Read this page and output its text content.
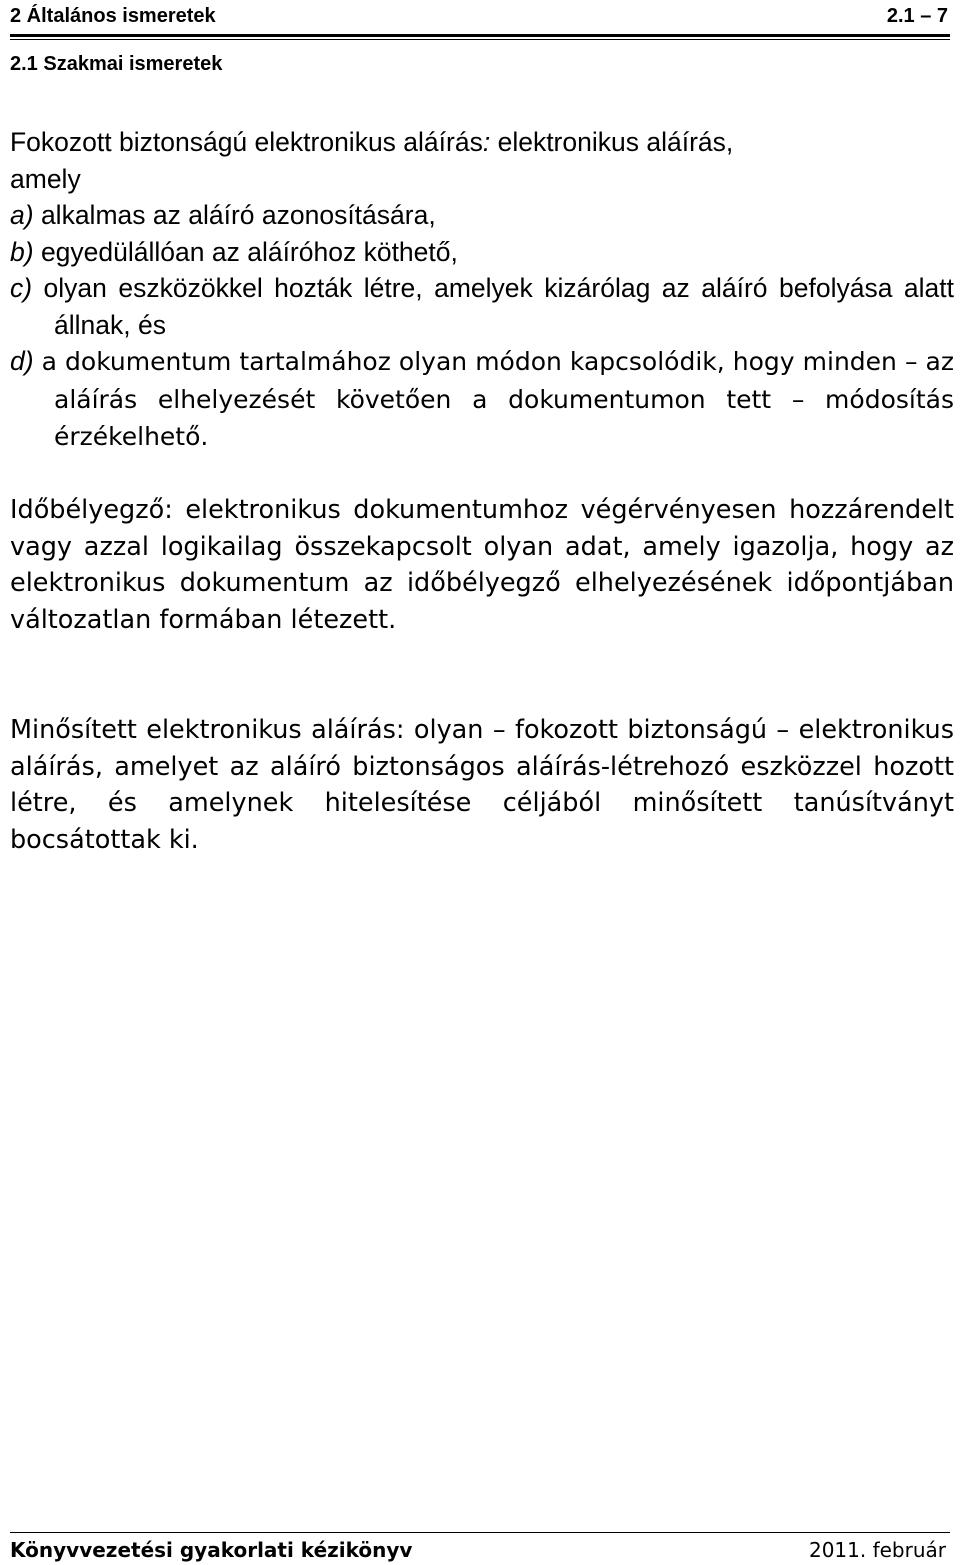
2 Általános ismeretek	2.1 – 7
2.1 Szakmai ismeretek
Fokozott biztonságú elektronikus aláírás: elektronikus aláírás,
amely
a) alkalmas az aláíró azonosítására,
b) egyedülállóan az aláíróhoz köthető,
c) olyan eszközökkel hozták létre, amelyek kizárólag az aláíró befolyása alatt állnak, és
d) a dokumentum tartalmához olyan módon kapcsolódik, hogy minden – az aláírás elhelyezését követően a dokumentumon tett – módosítás érzékelhető.
Időbélyegző: elektronikus dokumentumhoz végérvényesen hozzárendelt vagy azzal logikailag összekapcsolt olyan adat, amely igazolja, hogy az elektronikus dokumentum az időbélyegző elhelyezésének időpontjában változatlan formában létezett.
Minősített elektronikus aláírás: olyan – fokozott biztonságú – elektronikus aláírás, amelyet az aláíró biztonságos aláírás-létrehozó eszközzel hozott létre, és amelynek hitelesítése céljából minősített tanúsítványt bocsátottak ki.
Könyvvezetési gyakorlati kézikönyv	2011. február
